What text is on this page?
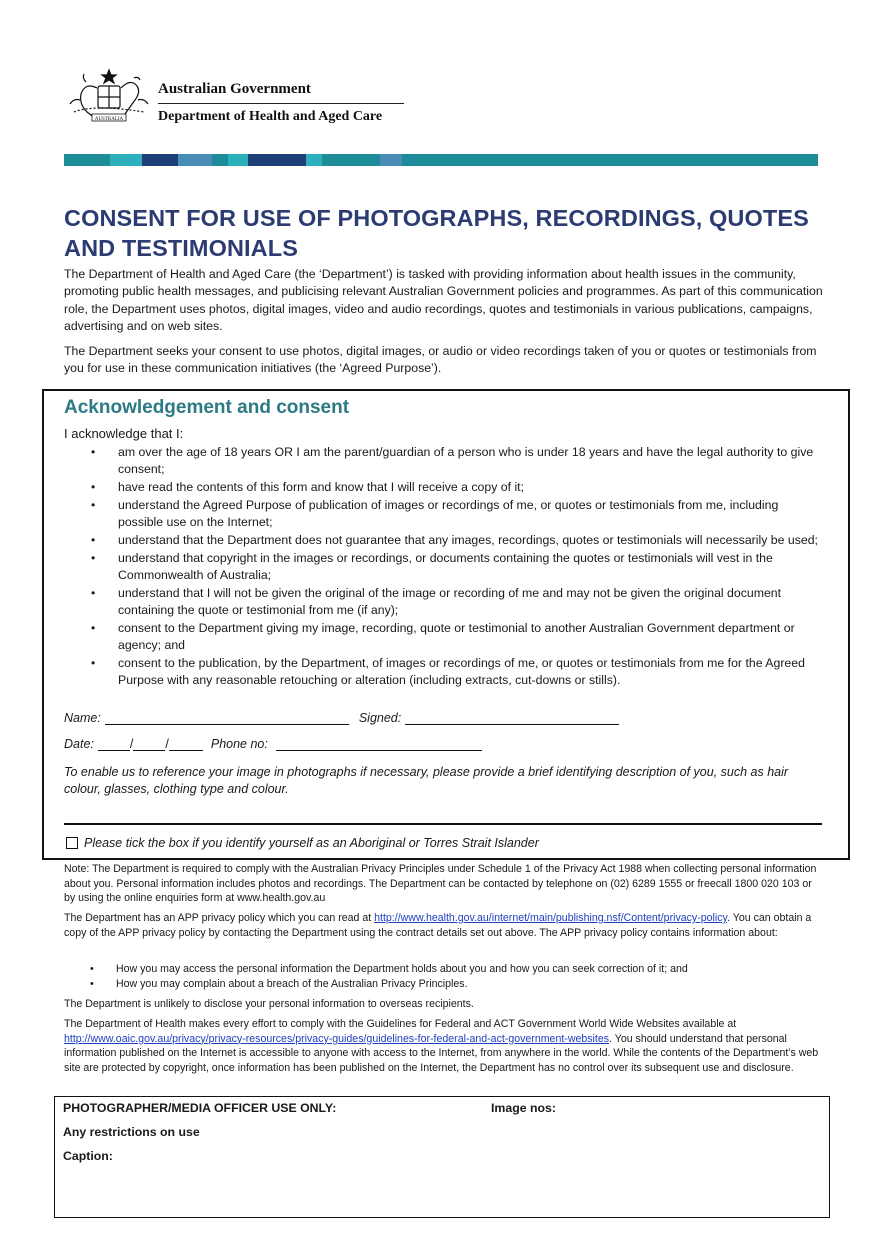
AUSTRALIA
Australian Government
Department of Health and Aged Care
CONSENT FOR USE OF PHOTOGRAPHS, RECORDINGS, QUOTES AND TESTIMONIALS

The Department of Health and Aged Care (the ‘Department’) is tasked with providing information about health issues in the community, promoting public health messages, and publicising relevant Australian Government policies and programmes. As part of this communication role, the Department uses photos, digital images, video and audio recordings, quotes and testimonials in various publications, campaigns, advertising and on web sites.

The Department seeks your consent to use photos, digital images, or audio or video recordings taken of you or quotes or testimonials from you for use in these communication initiatives (the ‘Agreed Purpose’).

Acknowledgement and consent
I acknowledge that I:
• am over the age of 18 years OR I am the parent/guardian of a person who is under 18 years and have the legal authority to give consent;
• have read the contents of this form and know that I will receive a copy of it;
• understand the Agreed Purpose of publication of images or recordings of me, or quotes or testimonials from me, including possible use on the Internet;
• understand that the Department does not guarantee that any images, recordings, quotes or testimonials will necessarily be used;
• understand that copyright in the images or recordings, or documents containing the quotes or testimonials will vest in the Commonwealth of Australia;
• understand that I will not be given the original of the image or recording of me and may not be given the original document containing the quote or testimonial from me (if any);
• consent to the Department giving my image, recording, quote or testimonial to another Australian Government department or agency; and
• consent to the publication, by the Department, of images or recordings of me, or quotes or testimonials from me for the Agreed Purpose with any reasonable retouching or alteration (including extracts, cut-downs or stills).
Name:	Signed:
Date:	/	/	Phone no:
To enable us to reference your image in photographs if necessary, please provide a brief identifying description of you, such as hair colour, glasses, clothing type and colour.
Please tick the box if you identify yourself as an Aboriginal or Torres Strait Islander

Note: The Department is required to comply with the Australian Privacy Principles under Schedule 1 of the Privacy Act 1988 when collecting personal information about you. Personal information includes photos and recordings. The Department can be contacted by telephone on (02) 6289 1555 or freecall 1800 020 103 or by using the online enquiries form at www.health.gov.au

The Department has an APP privacy policy which you can read at http://www.health.gov.au/internet/main/publishing.nsf/Content/privacy-policy. You can obtain a copy of the APP privacy policy by contacting the Department using the contract details set out above. The APP privacy policy contains information about:

• How you may access the personal information the Department holds about you and how you can seek correction of it; and
• How you may complain about a breach of the Australian Privacy Principles.

The Department is unlikely to disclose your personal information to overseas recipients.

The Department of Health makes every effort to comply with the Guidelines for Federal and ACT Government World Wide Websites available at http://www.oaic.gov.au/privacy/privacy-resources/privacy-guides/guidelines-for-federal-and-act-government-websites. You should understand that personal information published on the Internet is accessible to anyone with access to the Internet, from anywhere in the world. While the contents of the Department’s web site are protected by copyright, once information has been published on the Internet, the Department has no control over its subsequent use and disclosure.

PHOTOGRAPHER/MEDIA OFFICER USE ONLY:	Image nos:
Any restrictions on use
Caption:
